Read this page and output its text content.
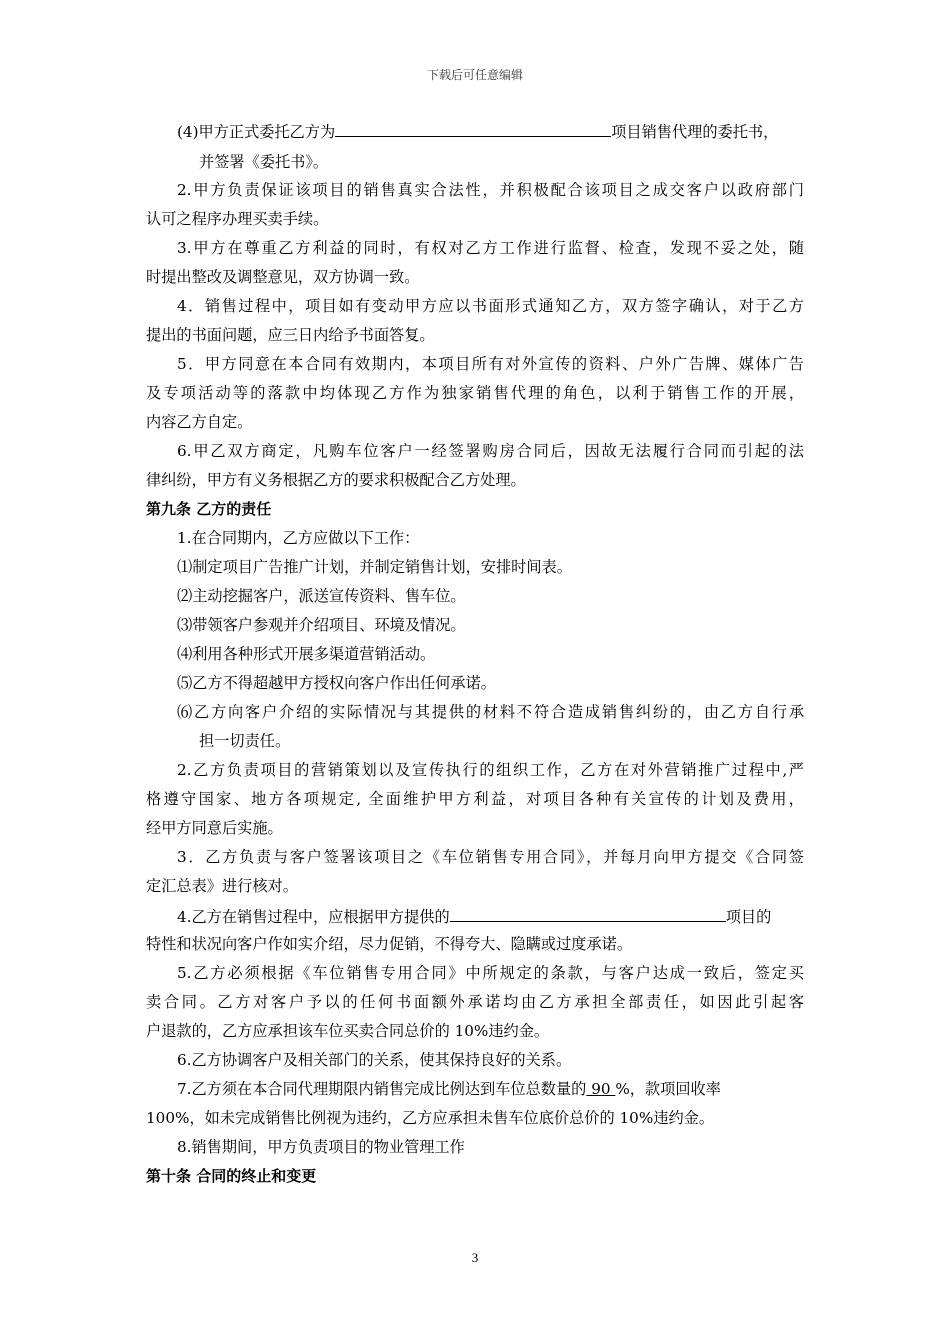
下载后可任意编辑
(4)甲方正式委托乙方为	项目销售代理的委托书，
并签署《委托书》。
2.甲方负责保证该项目的销售真实合法性，并积极配合该项目之成交客户以政府部门
认可之程序办理买卖手续。
3.甲方在尊重乙方利益的同时，有权对乙方工作进行监督、检查，发现不妥之处，随
时提出整改及调整意见，双方协调一致。
4．销售过程中，项目如有变动甲方应以书面形式通知乙方，双方签字确认，对于乙方
提出的书面问题，应三日内给予书面答复。
5．甲方同意在本合同有效期内，本项目所有对外宣传的资料、户外广告牌、媒体广告
及专项活动等的落款中均体现乙方作为独家销售代理的角色，以利于销售工作的开展，
内容乙方自定。
6.甲乙双方商定，凡购车位客户一经签署购房合同后，因故无法履行合同而引起的法
律纠纷，甲方有义务根据乙方的要求积极配合乙方处理。
第九条 乙方的责任
1.在合同期内，乙方应做以下工作：
⑴制定项目广告推广计划，并制定销售计划，安排时间表。
⑵主动挖掘客户，派送宣传资料、售车位。
⑶带领客户参观并介绍项目、环境及情况。
⑷利用各种形式开展多渠道营销活动。
⑸乙方不得超越甲方授权向客户作出任何承诺。
⑹乙方向客户介绍的实际情况与其提供的材料不符合造成销售纠纷的，由乙方自行承
担一切责任。
2.乙方负责项目的营销策划以及宣传执行的组织工作，乙方在对外营销推广过程中,严
格遵守国家、地方各项规定, 全面维护甲方利益，对项目各种有关宣传的计划及费用，
经甲方同意后实施。
3．乙方负责与客户签署该项目之《车位销售专用合同》，并每月向甲方提交《合同签
定汇总表》进行核对。
4.乙方在销售过程中，应根据甲方提供的	项目的
特性和状况向客户作如实介绍，尽力促销，不得夸大、隐瞒或过度承诺。
5.乙方必须根据《车位销售专用合同》中所规定的条款，与客户达成一致后，签定买
卖合同。乙方对客户予以的任何书面额外承诺均由乙方承担全部责任，如因此引起客
户退款的，乙方应承担该车位买卖合同总价的 10%违约金。
6.乙方协调客户及相关部门的关系，使其保持良好的关系。
7.乙方须在本合同代理期限内销售完成比例达到车位总数量的 90 %，款项回收率
100%，如未完成销售比例视为违约，乙方应承担未售车位底价总价的 10%违约金。
8.销售期间，甲方负责项目的物业管理工作
第十条 合同的终止和变更
3
